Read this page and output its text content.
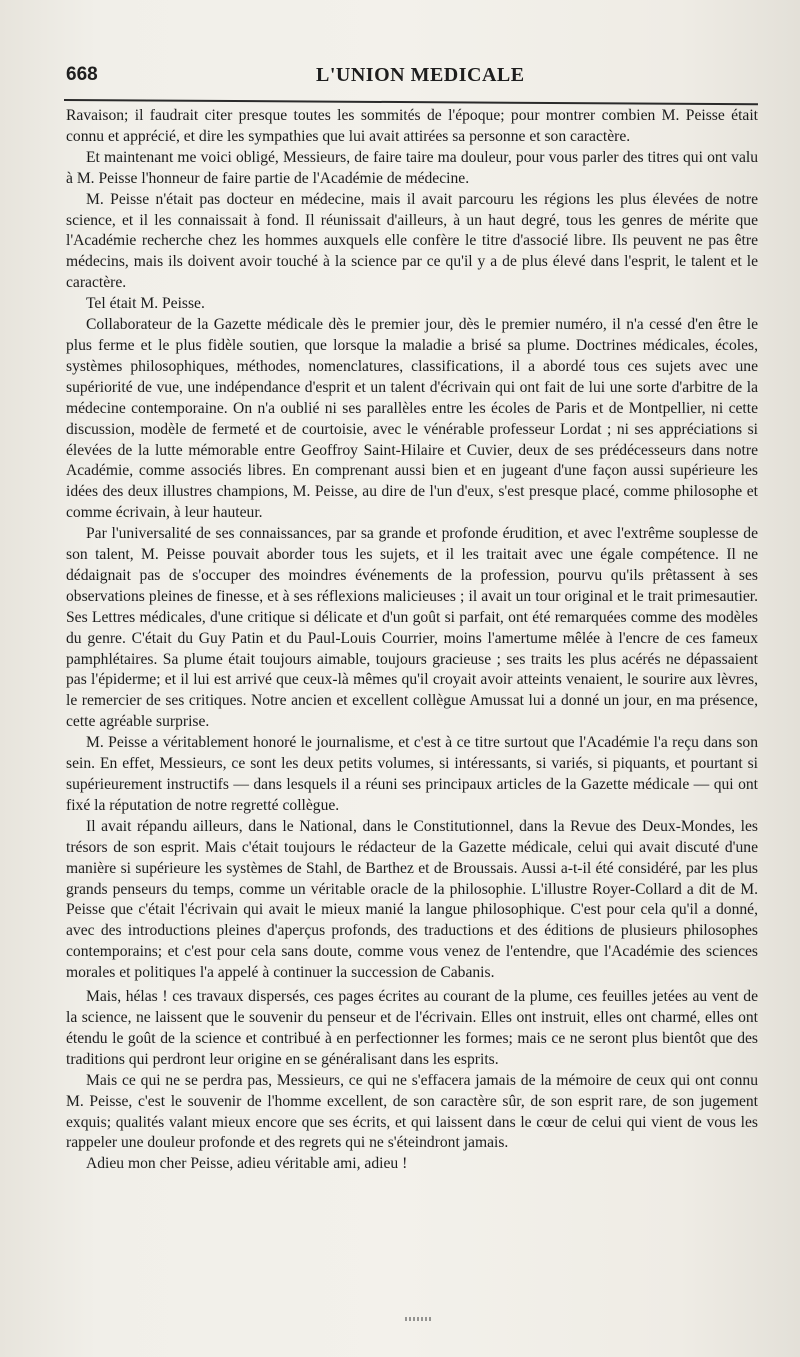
668	L'UNION MEDICALE

Ravaison; il faudrait citer presque toutes les sommités de l'époque; pour montrer combien M. Peisse était connu et apprécié, et dire les sympathies que lui avait attirées sa personne et son caractère.

Et maintenant me voici obligé, Messieurs, de faire taire ma douleur, pour vous parler des titres qui ont valu à M. Peisse l'honneur de faire partie de l'Académie de médecine.

M. Peisse n'était pas docteur en médecine, mais il avait parcouru les régions les plus élevées de notre science, et il les connaissait à fond. Il réunissait d'ailleurs, à un haut degré, tous les genres de mérite que l'Académie recherche chez les hommes auxquels elle confère le titre d'associé libre. Ils peuvent ne pas être médecins, mais ils doivent avoir touché à la science par ce qu'il y a de plus élevé dans l'esprit, le talent et le caractère.

Tel était M. Peisse.

Collaborateur de la Gazette médicale dès le premier jour, dès le premier numéro, il n'a cessé d'en être le plus ferme et le plus fidèle soutien, que lorsque la maladie a brisé sa plume. Doctrines médicales, écoles, systèmes philosophiques, méthodes, nomenclatures, classifications, il a abordé tous ces sujets avec une supériorité de vue, une indépendance d'esprit et un talent d'écrivain qui ont fait de lui une sorte d'arbitre de la médecine contemporaine. On n'a oublié ni ses parallèles entre les écoles de Paris et de Montpellier, ni cette discussion, modèle de fermeté et de courtoisie, avec le vénérable professeur Lordat ; ni ses appréciations si élevées de la lutte mémorable entre Geoffroy Saint-Hilaire et Cuvier, deux de ses prédécesseurs dans notre Académie, comme associés libres. En comprenant aussi bien et en jugeant d'une façon aussi supérieure les idées des deux illustres champions, M. Peisse, au dire de l'un d'eux, s'est presque placé, comme philosophe et comme écrivain, à leur hauteur.

Par l'universalité de ses connaissances, par sa grande et profonde érudition, et avec l'extrême souplesse de son talent, M. Peisse pouvait aborder tous les sujets, et il les traitait avec une égale compétence. Il ne dédaignait pas de s'occuper des moindres événements de la profession, pourvu qu'ils prêtassent à ses observations pleines de finesse, et à ses réflexions malicieuses ; il avait un tour original et le trait primesautier. Ses Lettres médicales, d'une critique si délicate et d'un goût si parfait, ont été remarquées comme des modèles du genre. C'était du Guy Patin et du Paul-Louis Courrier, moins l'amertume mêlée à l'encre de ces fameux pamphlétaires. Sa plume était toujours aimable, toujours gracieuse ; ses traits les plus acérés ne dépassaient pas l'épiderme; et il lui est arrivé que ceux-là mêmes qu'il croyait avoir atteints venaient, le sourire aux lèvres, le remercier de ses critiques. Notre ancien et excellent collègue Amussat lui a donné un jour, en ma présence, cette agréable surprise.

M. Peisse a véritablement honoré le journalisme, et c'est à ce titre surtout que l'Académie l'a reçu dans son sein. En effet, Messieurs, ce sont les deux petits volumes, si intéressants, si variés, si piquants, et pourtant si supérieurement instructifs — dans lesquels il a réuni ses principaux articles de la Gazette médicale — qui ont fixé la réputation de notre regretté collègue.

Il avait répandu ailleurs, dans le National, dans le Constitutionnel, dans la Revue des Deux-Mondes, les trésors de son esprit. Mais c'était toujours le rédacteur de la Gazette médicale, celui qui avait discuté d'une manière si supérieure les systèmes de Stahl, de Barthez et de Broussais. Aussi a-t-il été considéré, par les plus grands penseurs du temps, comme un véritable oracle de la philosophie. L'illustre Royer-Collard a dit de M. Peisse que c'était l'écrivain qui avait le mieux manié la langue philosophique. C'est pour cela qu'il a donné, avec des introductions pleines d'aperçus profonds, des traductions et des éditions de plusieurs philosophes contemporains; et c'est pour cela sans doute, comme vous venez de l'entendre, que l'Académie des sciences morales et politiques l'a appelé à continuer la succession de Cabanis.

Mais, hélas ! ces travaux dispersés, ces pages écrites au courant de la plume, ces feuilles jetées au vent de la science, ne laissent que le souvenir du penseur et de l'écrivain. Elles ont instruit, elles ont charmé, elles ont étendu le goût de la science et contribué à en perfectionner les formes; mais ce ne seront plus bientôt que des traditions qui perdront leur origine en se généralisant dans les esprits.

Mais ce qui ne se perdra pas, Messieurs, ce qui ne s'effacera jamais de la mémoire de ceux qui ont connu M. Peisse, c'est le souvenir de l'homme excellent, de son caractère sûr, de son esprit rare, de son jugement exquis; qualités valant mieux encore que ses écrits, et qui laissent dans le cœur de celui qui vient de vous les rappeler une douleur profonde et des regrets qui ne s'éteindront jamais.

Adieu mon cher Peisse, adieu véritable ami, adieu !
